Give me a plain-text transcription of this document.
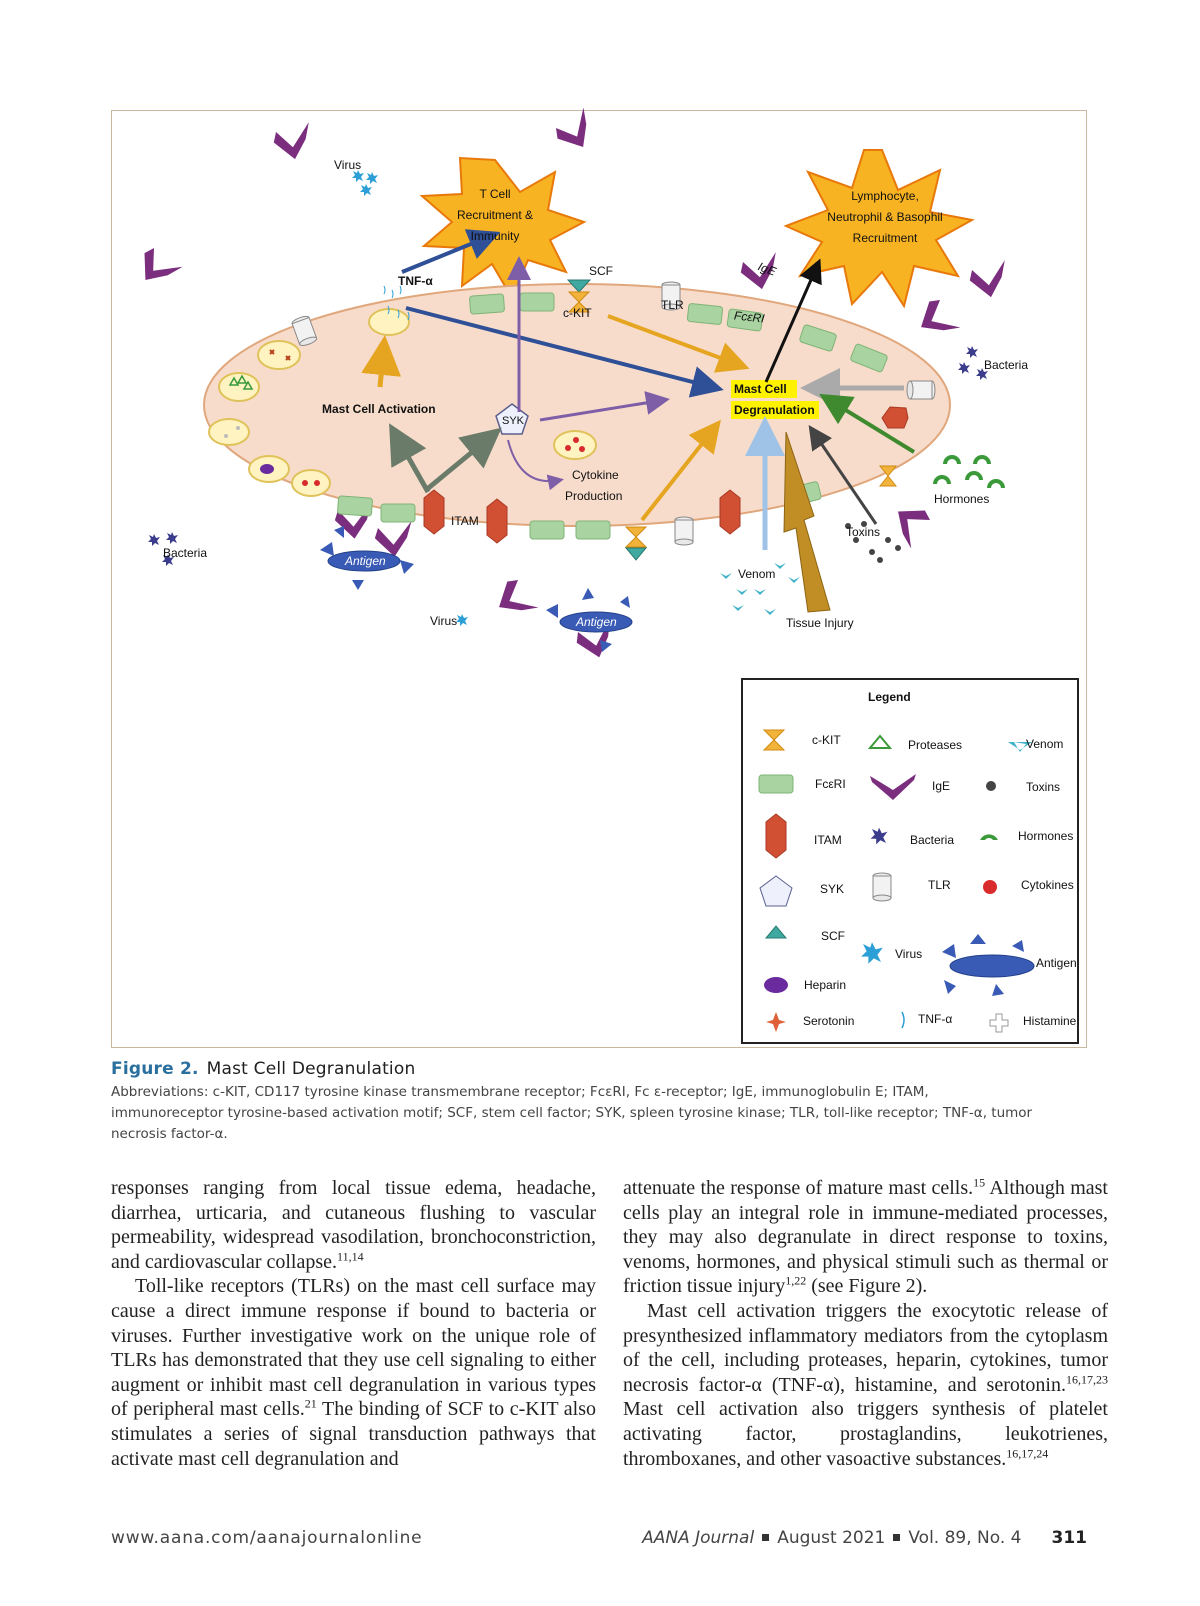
Virus
T Cell
Recruitment &
Immunity
Lymphocyte,
Neutrophil & Basophil
Recruitment
TNF-α
SCF
c-KIT
TLR
IgE
FcεRI
Bacteria
Mast Cell Activation
Mast Cell
Degranulation
SYK
Cytokine
Production
ITAM
Hormones
Toxins
Bacteria
Antigen
Antigen
Venom
Virus	Tissue Injury
Legend
c-KIT	Proteases	Venom
FcεRI	IgE	Toxins
ITAM	Bacteria	Hormones
SYK	TLR	Cytokines
SCF
Virus
Antigen
Heparin
Serotonin	TNF-α	Histamine
Figure 2. Mast Cell Degranulation
Abbreviations: c-KIT, CD117 tyrosine kinase transmembrane receptor; FcεRI, Fc ε-receptor; IgE, immunoglobulin E; ITAM,
immunoreceptor tyrosine-based activation motif; SCF, stem cell factor; SYK, spleen tyrosine kinase; TLR, toll-like receptor; TNF-α, tumor
necrosis factor-α.

responses ranging from local tissue edema, headache, diarrhea, urticaria, and cutaneous flushing to vascular permeability, widespread vasodilation, bronchoconstriction, and cardiovascular collapse.$^{11,14}$

Toll-like receptors (TLRs) on the mast cell surface may cause a direct immune response if bound to bacteria or viruses. Further investigative work on the unique role of TLRs has demonstrated that they use cell signaling to either augment or inhibit mast cell degranulation in various types of peripheral mast cells.$^{21}$ The binding of SCF to c-KIT also stimulates a series of signal transduction pathways that activate mast cell degranulation and

attenuate the response of mature mast cells.$^{15}$ Although mast cells play an integral role in immune-mediated processes, they may also degranulate in direct response to toxins, venoms, hormones, and physical stimuli such as thermal or friction tissue injury$^{1,22}$ (see Figure 2).

Mast cell activation triggers the exocytotic release of presynthesized inflammatory mediators from the cytoplasm of the cell, including proteases, heparin, cytokines, tumor necrosis factor-α (TNF-α), histamine, and serotonin.$^{16,17,23}$ Mast cell activation also triggers synthesis of platelet activating factor, prostaglandins, leukotrienes, thromboxanes, and other vasoactive substances.$^{16,17,24}$

www.aana.com/aanajournalonline	AANA Journal August 2021 Vol. 89, No. 4 311
